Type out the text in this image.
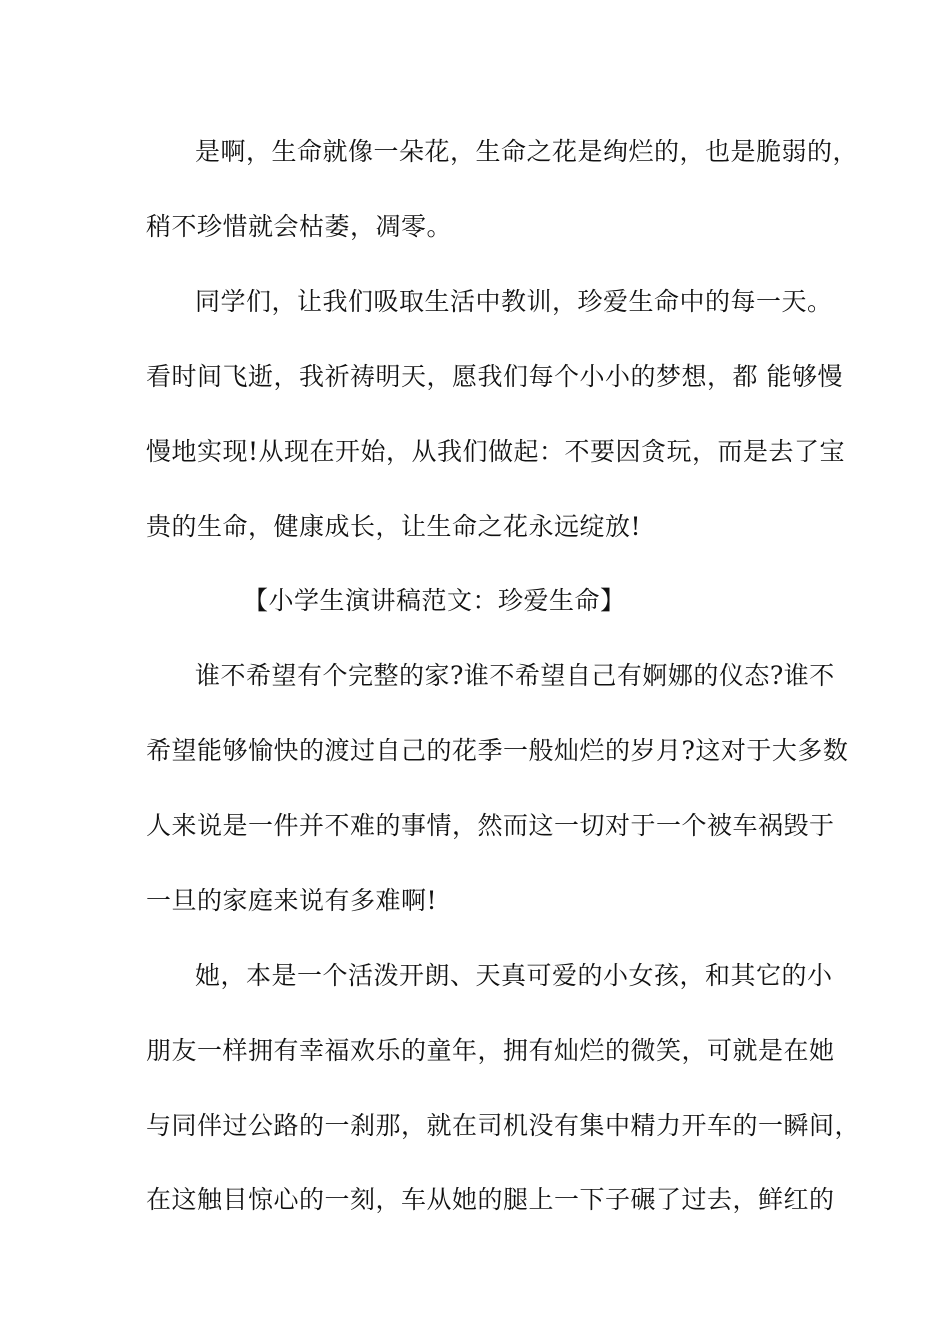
是啊，生命就像一朵花，生命之花是绚烂的，也是脆弱的，
稍不珍惜就会枯萎，凋零。
同学们，让我们吸取生活中教训，珍爱生命中的每一天。
看时间飞逝，我祈祷明天，愿我们每个小小的梦想，都 能够慢
慢地实现!从现在开始，从我们做起：不要因贪玩，而是去了宝
贵的生命，健康成长，让生命之花永远绽放!
【小学生演讲稿范文：珍爱生命】
谁不希望有个完整的家?谁不希望自己有婀娜的仪态?谁不
希望能够愉快的渡过自己的花季一般灿烂的岁月?这对于大多数
人来说是一件并不难的事情，然而这一切对于一个被车祸毁于
一旦的家庭来说有多难啊!
她，本是一个活泼开朗、天真可爱的小女孩，和其它的小
朋友一样拥有幸福欢乐的童年，拥有灿烂的微笑，可就是在她
与同伴过公路的一刹那，就在司机没有集中精力开车的一瞬间，
在这触目惊心的一刻，车从她的腿上一下子碾了过去，鲜红的
